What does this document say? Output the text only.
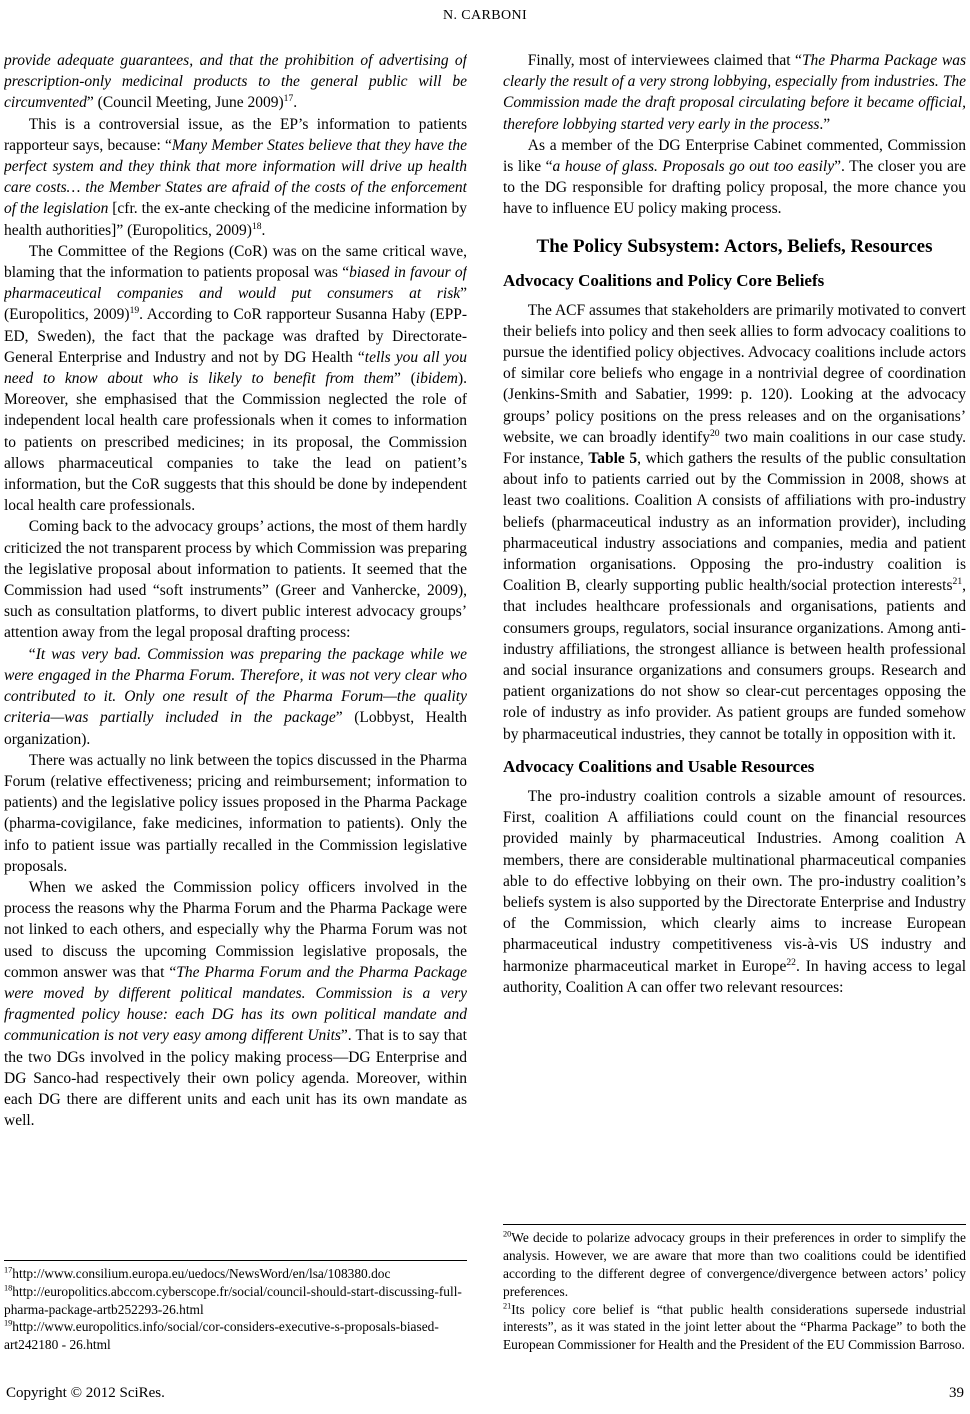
N. CARBONI

provide adequate guarantees, and that the prohibition of advertising of prescription-only medicinal products to the general public will be circumvented” (Council Meeting, June 2009)$^{17}$.

This is a controversial issue, as the EP’s information to patients rapporteur says, because: “Many Member States believe that they have the perfect system and they think that more information will drive up health care costs… the Member States are afraid of the costs of the enforcement of the legislation [cfr. the ex-ante checking of the medicine information by health authorities]” (Europolitics, 2009)$^{18}$.

The Committee of the Regions (CoR) was on the same critical wave, blaming that the information to patients proposal was “biased in favour of pharmaceutical companies and would put consumers at risk” (Europolitics, 2009)$^{19}$. According to CoR rapporteur Susanna Haby (EPP-ED, Sweden), the fact that the package was drafted by Directorate-General Enterprise and Industry and not by DG Health “tells you all you need to know about who is likely to benefit from them” (ibidem). Moreover, she emphasised that the Commission neglected the role of independent local health care professionals when it comes to information to patients on prescribed medicines; in its proposal, the Commission allows pharmaceutical companies to take the lead on patient’s information, but the CoR suggests that this should be done by independent local health care professionals.

Coming back to the advocacy groups’ actions, the most of them hardly criticized the not transparent process by which Commission was preparing the legislative proposal about information to patients. It seemed that the Commission had used “soft instruments” (Greer and Vanhercke, 2009), such as consultation platforms, to divert public interest advocacy groups’ attention away from the legal proposal drafting process:

“It was very bad. Commission was preparing the package while we were engaged in the Pharma Forum. Therefore, it was not very clear who contributed to it. Only one result of the Pharma Forum—the quality criteria—was partially included in the package” (Lobbyst, Health organization).

There was actually no link between the topics discussed in the Pharma Forum (relative effectiveness; pricing and reimbursement; information to patients) and the legislative policy issues proposed in the Pharma Package (pharma-covigilance, fake medicines, information to patients). Only the info to patient issue was partially recalled in the Commission legislative proposals.

When we asked the Commission policy officers involved in the process the reasons why the Pharma Forum and the Pharma Package were not linked to each others, and especially why the Pharma Forum was not used to discuss the upcoming Commission legislative proposals, the common answer was that “The Pharma Forum and the Pharma Package were moved by different political mandates. Commission is a very fragmented policy house: each DG has its own political mandate and communication is not very easy among different Units”. That is to say that the two DGs involved in the policy making process—DG Enterprise and DG Sanco-had respectively their own policy agenda. Moreover, within each DG there are different units and each unit has its own mandate as well.

$^{17}$http://www.consilium.europa.eu/uedocs/NewsWord/en/lsa/108380.doc

$^{18}$http://europolitics.abccom.cyberscope.fr/social/council-should-start-discussing-full-pharma-package-artb252293-26.html

$^{19}$http://www.europolitics.info/social/cor-considers-executive-s-proposals-biased-art242180 - 26.html

Finally, most of interviewees claimed that “The Pharma Package was clearly the result of a very strong lobbying, especially from industries. The Commission made the draft proposal circulating before it became official, therefore lobbying started very early in the process.”

As a member of the DG Enterprise Cabinet commented, Commission is like “a house of glass. Proposals go out too easily”. The closer you are to the DG responsible for drafting policy proposal, the more chance you have to influence EU policy making process.

The Policy Subsystem: Actors, Beliefs, Resources
Advocacy Coalitions and Policy Core Beliefs

The ACF assumes that stakeholders are primarily motivated to convert their beliefs into policy and then seek allies to form advocacy coalitions to pursue the identified policy objectives. Advocacy coalitions include actors of similar core beliefs who engage in a nontrivial degree of coordination (Jenkins-Smith and Sabatier, 1999: p. 120). Looking at the advocacy groups’ policy positions on the press releases and on the organisations’ website, we can broadly identify$^{20}$ two main coalitions in our case study. For instance, Table 5, which gathers the results of the public consultation about info to patients carried out by the Commission in 2008, shows at least two coalitions. Coalition A consists of affiliations with pro-industry beliefs (pharmaceutical industry as an information provider), including pharmaceutical industry associations and companies, media and patient information organisations. Opposing the pro-industry coalition is Coalition B, clearly supporting public health/social protection interests$^{21}$, that includes healthcare professionals and organisations, patients and consumers groups, regulators, social insurance organizations. Among anti-industry affiliations, the strongest alliance is between health professional and social insurance organizations and consumers groups. Research and patient organizations do not show so clear-cut percentages opposing the role of industry as info provider. As patient groups are funded somehow by pharmaceutical industries, they cannot be totally in opposition with it.

Advocacy Coalitions and Usable Resources

The pro-industry coalition controls a sizable amount of resources. First, coalition A affiliations could count on the financial resources provided mainly by pharmaceutical Industries. Among coalition A members, there are considerable multinational pharmaceutical companies able to do effective lobbying on their own. The pro-industry coalition’s beliefs system is also supported by the Directorate Enterprise and Industry of the Commission, which clearly aims to increase European pharmaceutical industry competitiveness vis-à-vis US industry and harmonize pharmaceutical market in Europe$^{22}$. In having access to legal authority, Coalition A can offer two relevant resources:

$^{20}$We decide to polarize advocacy groups in their preferences in order to simplify the analysis. However, we are aware that more than two coalitions could be identified according to the different degree of convergence/divergence between actors’ policy preferences.

$^{21}$Its policy core belief is “that public health considerations supersede industrial interests”, as it was stated in the joint letter about the “Pharma Package” to both the European Commissioner for Health and the President of the EU Commission Barroso.

Copyright © 2012 SciRes.	39
